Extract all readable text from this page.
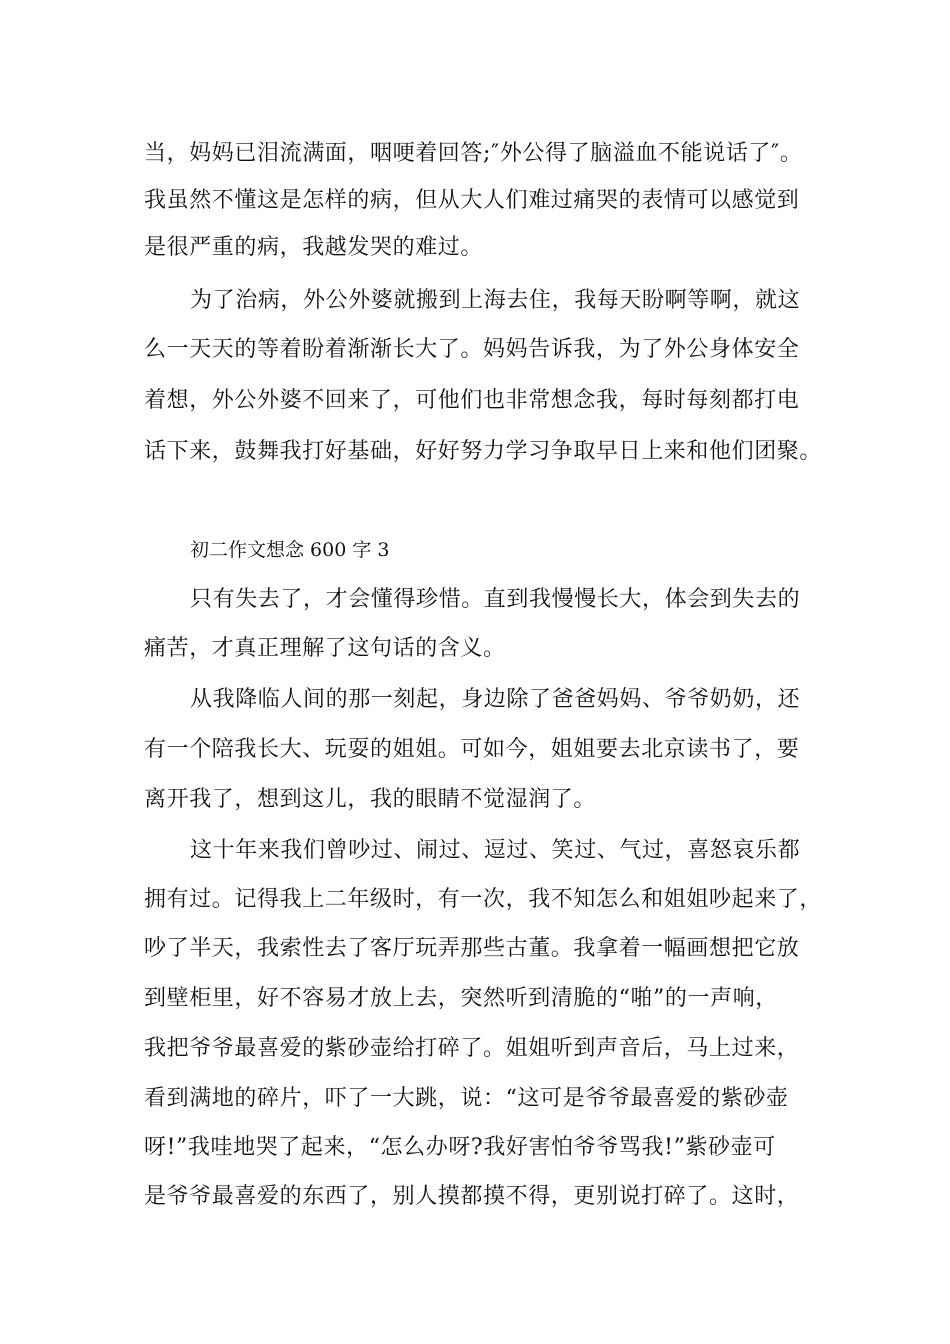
当，妈妈已泪流满面，咽哽着回答;″外公得了脑溢血不能说话了″。
我虽然不懂这是怎样的病，但从大人们难过痛哭的表情可以感觉到
是很严重的病，我越发哭的难过。
为了治病，外公外婆就搬到上海去住，我每天盼啊等啊，就这
么一天天的等着盼着渐渐长大了。妈妈告诉我，为了外公身体安全
着想，外公外婆不回来了，可他们也非常想念我，每时每刻都打电
话下来，鼓舞我打好基础，好好努力学习争取早日上来和他们团聚。
初二作文想念 600 字 3
只有失去了，才会懂得珍惜。直到我慢慢长大，体会到失去的
痛苦，才真正理解了这句话的含义。
从我降临人间的那一刻起，身边除了爸爸妈妈、爷爷奶奶，还
有一个陪我长大、玩耍的姐姐。可如今，姐姐要去北京读书了，要
离开我了，想到这儿，我的眼睛不觉湿润了。
这十年来我们曾吵过、闹过、逗过、笑过、气过，喜怒哀乐都
拥有过。记得我上二年级时，有一次，我不知怎么和姐姐吵起来了，
吵了半天，我索性去了客厅玩弄那些古董。我拿着一幅画想把它放
到壁柜里，好不容易才放上去，突然听到清脆的“啪”的一声响，
我把爷爷最喜爱的紫砂壶给打碎了。姐姐听到声音后，马上过来，
看到满地的碎片，吓了一大跳，说：“这可是爷爷最喜爱的紫砂壶
呀!”我哇地哭了起来，“怎么办呀?我好害怕爷爷骂我!”紫砂壶可
是爷爷最喜爱的东西了，别人摸都摸不得，更别说打碎了。这时，
